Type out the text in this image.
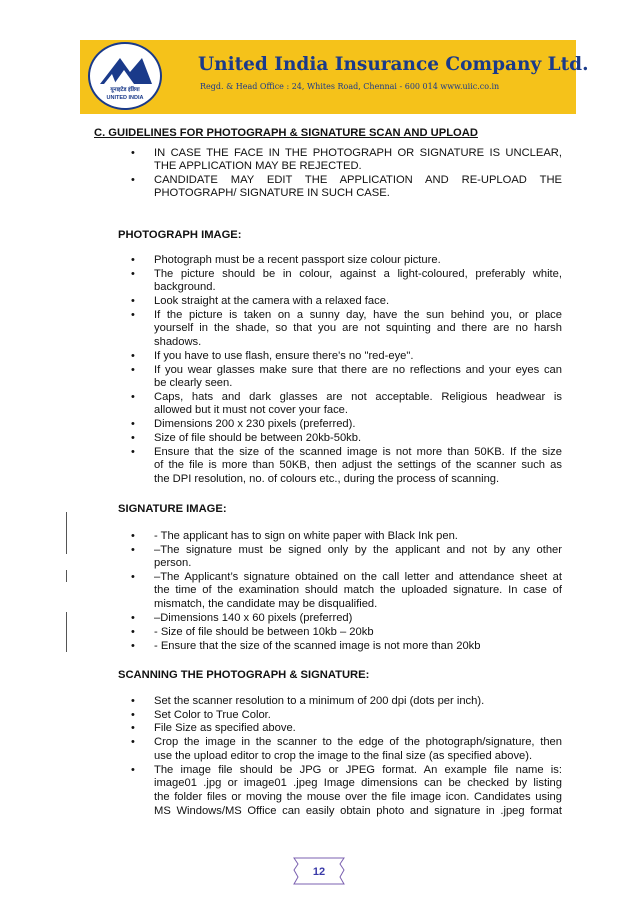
यूनाइटेड इंडिया
UNITED INDIA
United India Insurance Company Ltd.
Regd. & Head Office : 24, Whites Road, Chennai - 600 014 www.uiic.co.in
C. GUIDELINES FOR PHOTOGRAPH & SIGNATURE SCAN AND UPLOAD
• IN CASE THE FACE IN THE PHOTOGRAPH OR SIGNATURE IS UNCLEAR,
THE APPLICATION MAY BE REJECTED.
• CANDIDATE MAY EDIT THE APPLICATION AND RE-UPLOAD THE
PHOTOGRAPH/ SIGNATURE IN SUCH CASE.
PHOTOGRAPH IMAGE:
• Photograph must be a recent passport size colour picture.
• The picture should be in colour, against a light-coloured, preferably white,
background.
• Look straight at the camera with a relaxed face.
• If the picture is taken on a sunny day, have the sun behind you, or place
yourself in the shade, so that you are not squinting and there are no harsh
shadows.
• If you have to use flash, ensure there's no "red-eye".
• If you wear glasses make sure that there are no reflections and your eyes can
be clearly seen.
• Caps, hats and dark glasses are not acceptable. Religious headwear is
allowed but it must not cover your face.
• Dimensions 200 x 230 pixels (preferred).
• Size of file should be between 20kb-50kb.
• Ensure that the size of the scanned image is not more than 50KB. If the size
of the file is more than 50KB, then adjust the settings of the scanner such as
the DPI resolution, no. of colours etc., during the process of scanning.
SIGNATURE IMAGE:
• - The applicant has to sign on white paper with Black Ink pen.
• –The signature must be signed only by the applicant and not by any other
person.
• –The Applicant’s signature obtained on the call letter and attendance sheet at
the time of the examination should match the uploaded signature. In case of
mismatch, the candidate may be disqualified.
• –Dimensions 140 x 60 pixels (preferred)
• - Size of file should be between 10kb – 20kb
• - Ensure that the size of the scanned image is not more than 20kb
SCANNING THE PHOTOGRAPH & SIGNATURE:
• Set the scanner resolution to a minimum of 200 dpi (dots per inch).
• Set Color to True Color.
• File Size as specified above.
• Crop the image in the scanner to the edge of the photograph/signature, then
use the upload editor to crop the image to the final size (as specified above).
• The image file should be JPG or JPEG format. An example file name is:
image01 .jpg or image01 .jpeg Image dimensions can be checked by listing
the folder files or moving the mouse over the file image icon. Candidates using
MS Windows/MS Office can easily obtain photo and signature in .jpeg format
12
